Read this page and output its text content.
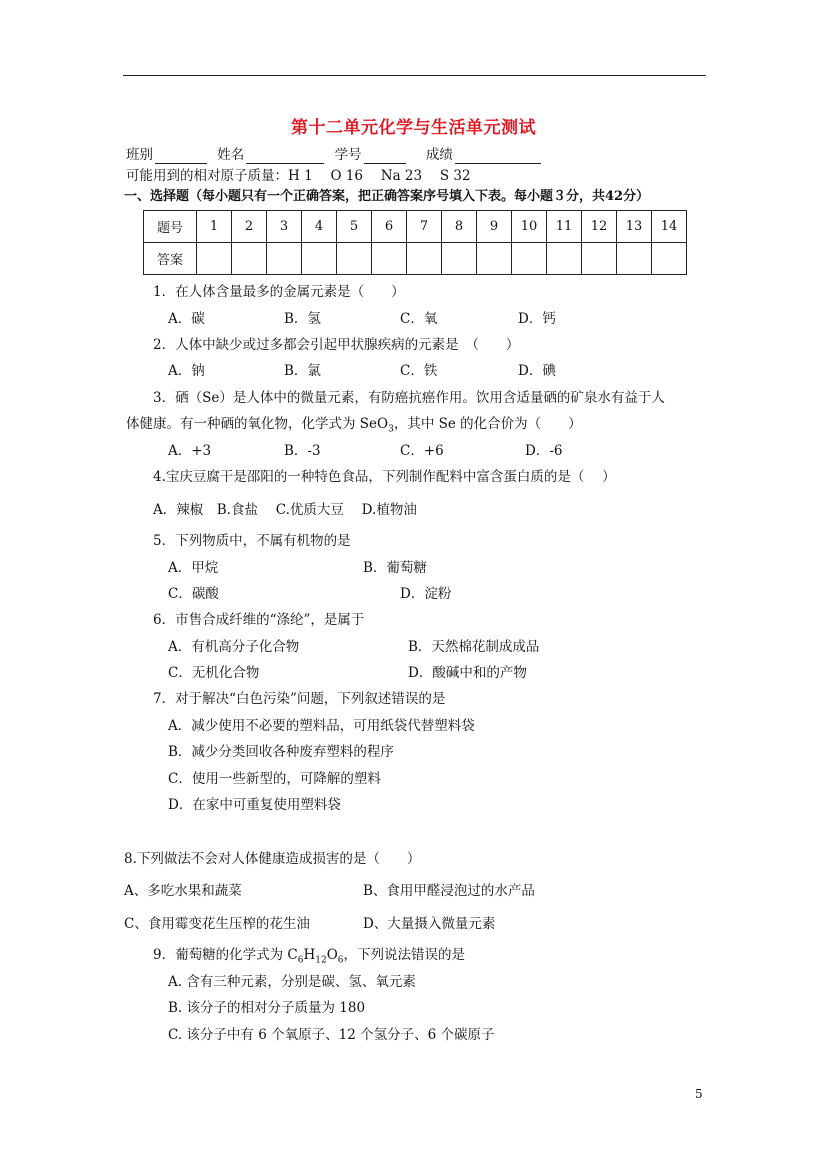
第十二单元化学与生活单元测试
班别	姓名	学号	成绩
可能用到的相对原子质量：H 1　 O 16　 Na 23　 S 32
一、选择题（每小题只有一个正确答案，把正确答案序号填入下表。每小题３分，共42分）
题号	1	2	3	4	5	6	7	8	9	10	11	12	13	14
答案														
1．在人体含量最多的金属元素是（　　）
A．碳	B．氢	C．氧	D．钙
2．人体中缺少或过多都会引起甲状腺疾病的元素是　（　　）
A．钠	B．氯	C．铁	D．碘
3．硒（Se）是人体中的微量元素，有防癌抗癌作用。饮用含适量硒的矿泉水有益于人
体健康。有一种硒的氧化物，化学式为 SeO$_3$，其中 Se 的化合价为（　　）
A．+3	B．-3	C．+6	D．-6
4.宝庆豆腐干是邵阳的一种特色食品，下列制作配料中富含蛋白质的是（　 ）
A．辣椒　B.食盐　 C.优质大豆　 D.植物油
5．下列物质中，不属有机物的是
A．甲烷	B．葡萄糖
C．碳酸	D．淀粉
6．市售合成纤维的“涤纶”，是属于
A．有机高分子化合物	B．天然棉花制成成品
C．无机化合物	D．酸碱中和的产物
7．对于解决“白色污染”问题，下列叙述错误的是
A．减少使用不必要的塑料品，可用纸袋代替塑料袋
B．减少分类回收各种废弃塑料的程序
C．使用一些新型的，可降解的塑料
D．在家中可重复使用塑料袋
8.下列做法不会对人体健康造成损害的是（　　）
A、多吃水果和蔬菜	B、食用甲醛浸泡过的水产品
C、食用霉变花生压榨的花生油	D、大量摄入微量元素
9．葡萄糖的化学式为 $C_6H_{12}O_6$，下列说法错误的是
A. 含有三种元素，分别是碳、氢、氧元素
B. 该分子的相对分子质量为 180
C. 该分子中有 6 个氧原子、12 个氢分子、6 个碳原子
5
